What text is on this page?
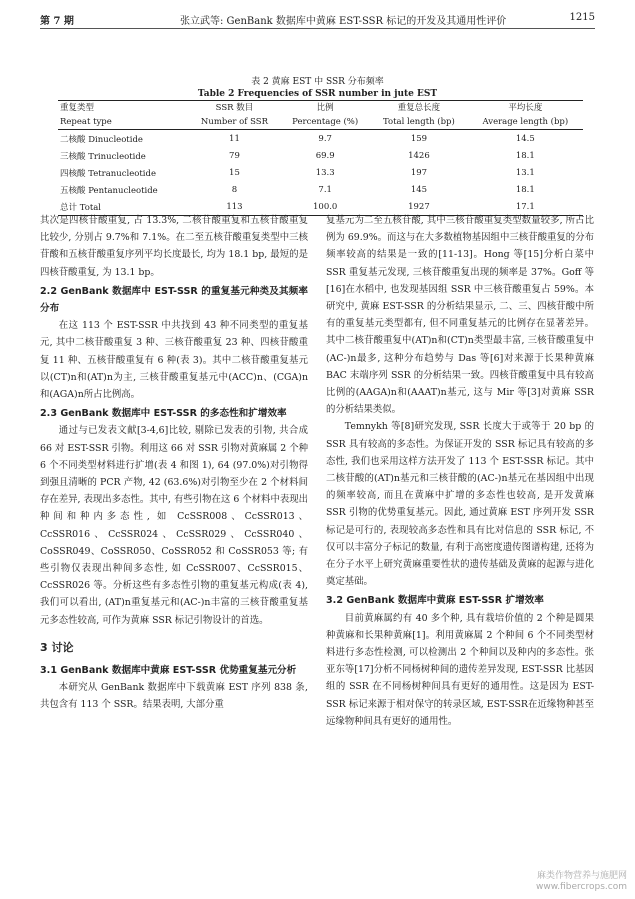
第 7 期	张立武等: GenBank 数据库中黄麻 EST-SSR 标记的开发及其通用性评价	1215
表 2 黄麻 EST 中 SSR 分布频率
Table 2 Frequencies of SSR number in jute EST
重复类型	SSR 数目	比例	重复总长度	平均长度
Repeat type	Number of SSR	Percentage (%)	Total length (bp)	Average length (bp)
二核酸 Dinucleotide	11	9.7	159	14.5
三核酸 Trinucleotide	79	69.9	1426	18.1
四核酸 Tetranucleotide	15	13.3	197	13.1
五核酸 Pentanucleotide	8	7.1	145	18.1
总计 Total	113	100.0	1927	17.1

其次是四核苷酸重复, 占 13.3%, 二核苷酸重复和五核苷酸重复比较少, 分别占 9.7%和 7.1%。在二至五核苷酸重复类型中三核苷酸和五核苷酸重复序列平均长度最长, 均为 18.1 bp, 最短的是四核苷酸重复, 为 13.1 bp。

2.2 GenBank 数据库中 EST-SSR 的重复基元种类及其频率分布

在这 113 个 EST-SSR 中共找到 43 种不同类型的重复基元, 其中二核苷酸重复 3 种、三核苷酸重复 23 种、四核苷酸重复 11 种、五核苷酸重复有 6 种(表 3)。其中二核苷酸重复基元以(CT)n和(AT)n为主, 三核苷酸重复基元中(ACC)n、(CGA)n和(AGA)n所占比例高。

2.3 GenBank 数据库中 EST-SSR 的多态性和扩增效率

通过与已发表文献[3-4,6]比较, 剔除已发表的引物, 共合成 66 对 EST-SSR 引物。利用这 66 对 SSR 引物对黄麻属 2 个种 6 个不同类型材料进行扩增(表 4 和图 1), 64 (97.0%)对引物得到强且清晰的 PCR 产物, 42 (63.6%)对引物至少在 2 个材料间存在差异, 表现出多态性。其中, 有些引物在这 6 个材料中表现出种间和种内多态性, 如 CcSSR008、CcSSR013、CcSSR016、CcSSR024、CcSSR029、CcSSR040、CoSSR049、CoSSR050、CoSSR052 和 CoSSR053 等; 有些引物仅表现出种间多态性, 如 CcSSR007、CcSSR015、CcSSR026 等。分析这些有多态性引物的重复基元构成(表 4), 我们可以看出, (AT)n重复基元和(AC-)n丰富的三核苷酸重复基元多态性较高, 可作为黄麻 SSR 标记引物设计的首选。

3 讨论

3.1 GenBank 数据库中黄麻 EST-SSR 优势重复基元分析

本研究从 GenBank 数据库中下载黄麻 EST 序列 838 条, 共包含有 113 个 SSR。结果表明, 大部分重

复基元为二至五核苷酸, 其中三核苷酸重复类型数量较多, 所占比例为 69.9%。而这与在大多数植物基因组中三核苷酸重复的分布频率较高的结果是一致的[11-13]。Hong 等[15]分析白菜中 SSR 重复基元发现, 三核苷酸重复出现的频率是 37%。Goff 等[16]在水稻中, 也发现基因组 SSR 中三核苷酸重复占 59%。本研究中, 黄麻 EST-SSR 的分析结果显示, 二、三、四核苷酸中所有的重复基元类型都有, 但不同重复基元的比例存在显著差异。其中二核苷酸重复中(AT)n和(CT)n类型最丰富, 三核苷酸重复中(AC-)n最多, 这种分布趋势与 Das 等[6]对来源于长果种黄麻 BAC 末端序列 SSR 的分析结果一致。四核苷酸重复中具有较高比例的(AAGA)n和(AAAT)n基元, 这与 Mir 等[3]对黄麻 SSR 的分析结果类似。

Temnykh 等[8]研究发现, SSR 长度大于或等于 20 bp 的 SSR 具有较高的多态性。为保证开发的 SSR 标记具有较高的多态性, 我们也采用这样方法开发了 113 个 EST-SSR 标记。其中二核苷酸的(AT)n基元和三核苷酸的(AC-)n基元在基因组中出现的频率较高, 而且在黄麻中扩增的多态性也较高, 是开发黄麻 SSR 引物的优势重复基元。因此, 通过黄麻 EST 序列开发 SSR 标记是可行的, 表现较高多态性和具有比对信息的 SSR 标记, 不仅可以丰富分子标记的数量, 有利于高密度遗传图谱构建, 还将为在分子水平上研究黄麻重要性状的遗传基础及黄麻的起源与进化奠定基础。

3.2 GenBank 数据库中黄麻 EST-SSR 扩增效率

目前黄麻属约有 40 多个种, 具有栽培价值的 2 个种是圆果种黄麻和长果种黄麻[1]。利用黄麻属 2 个种间 6 个不同类型材料进行多态性检测, 可以检测出 2 个种间以及种内的多态性。张亚东等[17]分析不同杨树种间的遗传差异发现, EST-SSR 比基因组的 SSR 在不同杨树种间具有更好的通用性。这是因为 EST-SSR 标记来源于相对保守的转录区域, EST-SSR在近缘物种甚至远缘物种间具有更好的通用性。

麻类作物营养与施肥网
www.fibercrops.com
